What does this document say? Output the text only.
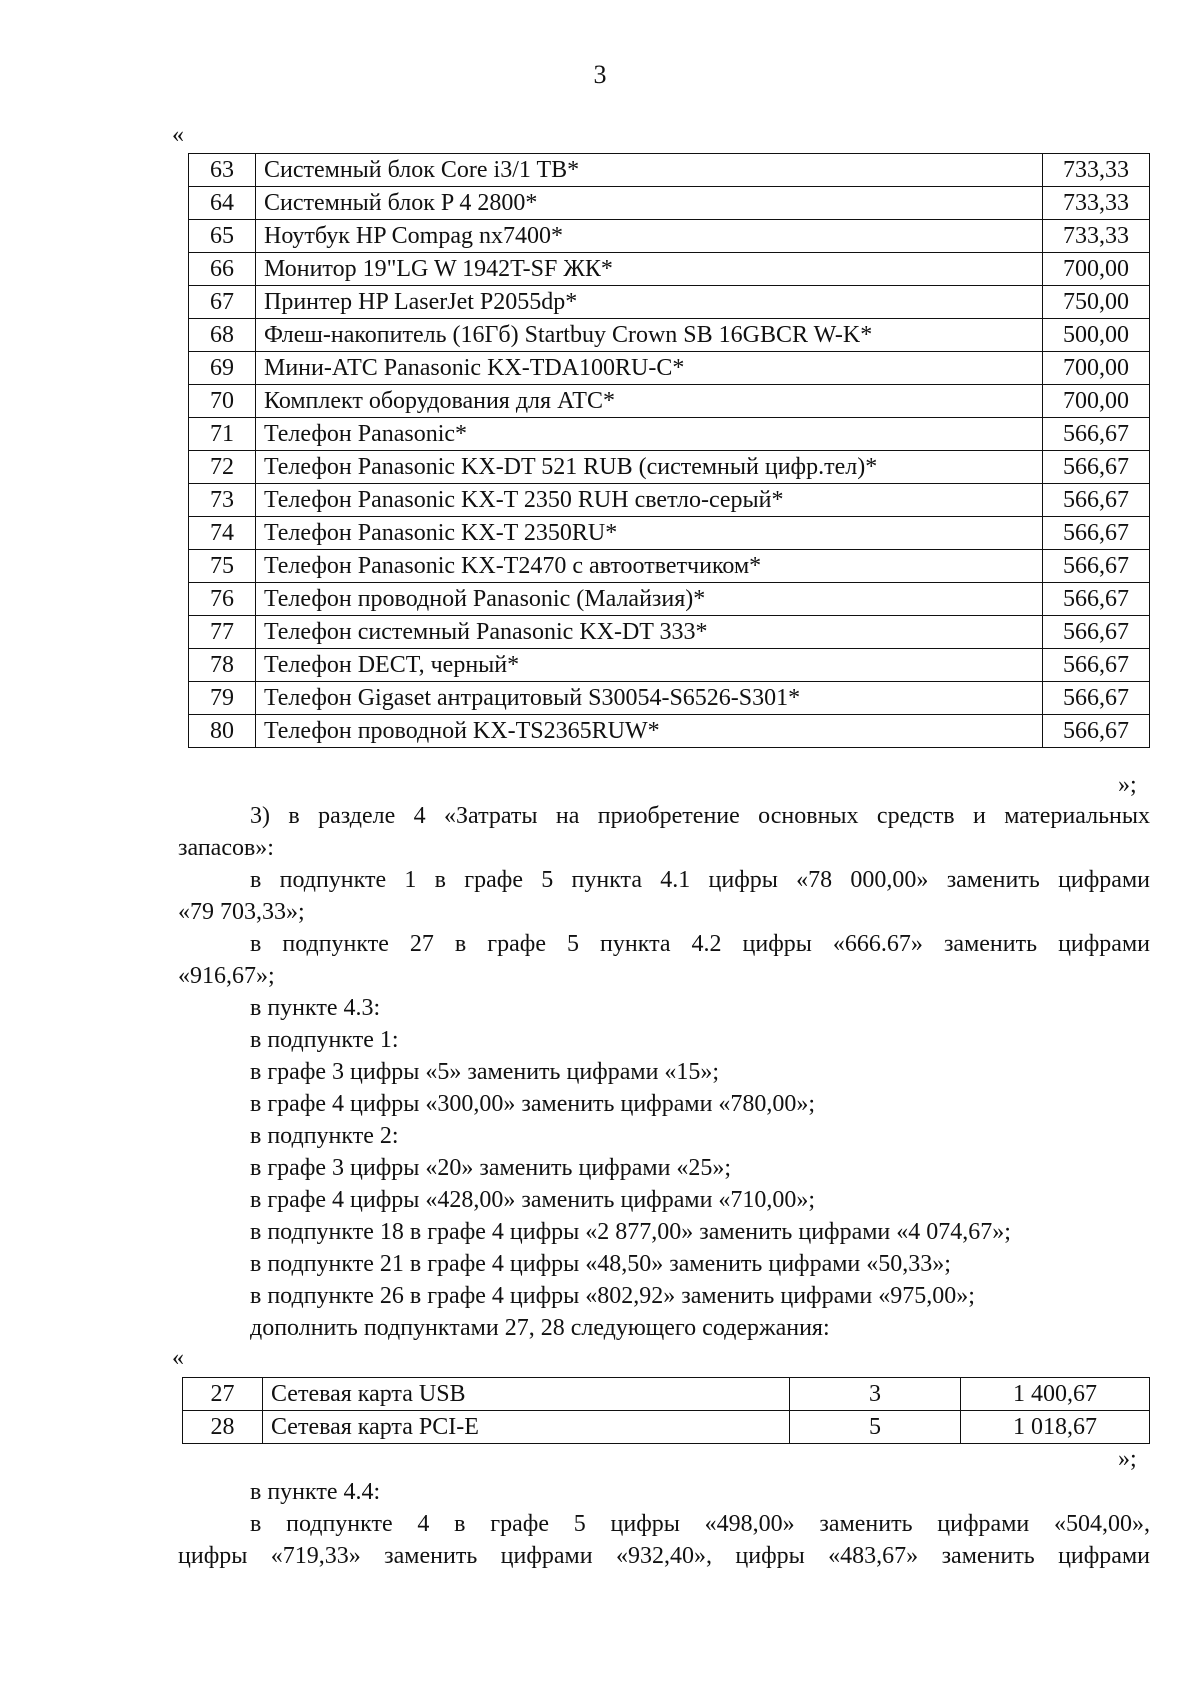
3
«
63	Системный блок Core i3/1 TB*	733,33
64	Системный блок P 4 2800*	733,33
65	Ноутбук HP Compag nx7400*	733,33
66	Монитор 19"LG W 1942T-SF ЖК*	700,00
67	Принтер HP LaserJet P2055dp*	750,00
68	Флеш-накопитель (16Гб) Startbuy Crown SB 16GBCR W-K*	500,00
69	Мини-АТС Panasonic KX-TDA100RU-C*	700,00
70	Комплект оборудования для АТС*	700,00
71	Телефон Panasonic*	566,67
72	Телефон Panasonic KX-DT 521 RUB (системный цифр.тел)*	566,67
73	Телефон Panasonic KX-T 2350 RUH светло-серый*	566,67
74	Телефон Panasonic KX-T 2350RU*	566,67
75	Телефон Panasonic KX-T2470 с автоответчиком*	566,67
76	Телефон проводной Panasonic (Малайзия)*	566,67
77	Телефон системный Panasonic KX-DT 333*	566,67
78	Телефон DECT, черный*	566,67
79	Телефон Gigaset антрацитовый S30054-S6526-S301*	566,67
80	Телефон проводной KX-TS2365RUW*	566,67
»;
3) в разделе 4 «Затраты на приобретение основных средств и материальных
запасов»:
в подпункте 1 в графе 5 пункта 4.1 цифры «78 000,00» заменить цифрами
«79 703,33»;
в подпункте 27 в графе 5 пункта 4.2 цифры «666.67» заменить цифрами
«916,67»;
в пункте 4.3:
в подпункте 1:
в графе 3 цифры «5» заменить цифрами «15»;
в графе 4 цифры «300,00» заменить цифрами «780,00»;
в подпункте 2:
в графе 3 цифры «20» заменить цифрами «25»;
в графе 4 цифры «428,00» заменить цифрами «710,00»;
в подпункте 18 в графе 4 цифры «2 877,00» заменить цифрами «4 074,67»;
в подпункте 21 в графе 4 цифры «48,50» заменить цифрами «50,33»;
в подпункте 26 в графе 4 цифры «802,92» заменить цифрами «975,00»;
дополнить подпунктами 27, 28 следующего содержания:
«
27	Сетевая карта USB	3	1 400,67
28	Сетевая карта PCI-E	5	1 018,67
»;
в пункте 4.4:
в подпункте 4 в графе 5 цифры «498,00» заменить цифрами «504,00»,
цифры «719,33» заменить цифрами «932,40», цифры «483,67» заменить цифрами
